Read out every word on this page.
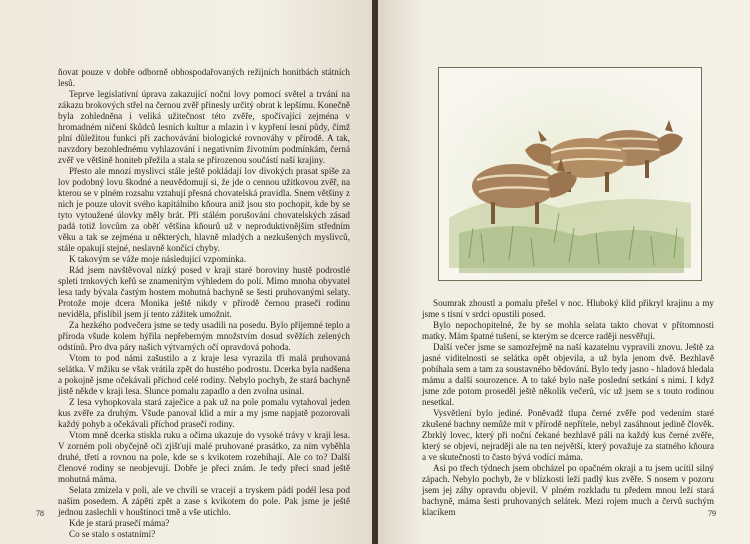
ňovat pouze v dobře odborně obhospodařovaných režijních honitbách státních lesů.

Teprve legislativní úprava zakazující noční lovy pomocí světel a trvání na zákazu brokových střel na černou zvěř přinesly určitý obrat k lepšímu. Konečně byla zohledněna i veliká užitečnost této zvěře, spočívající zejména v hromadném ničení škůdců lesních kultur a mlazin i v kypření lesní půdy, čímž plní důležitou funkci při zachovávání biologické rovnováhy v přírodě. A tak, navzdory bezohlednému vyhlazování i negativním životním podmínkám, černá zvěř ve většině honiteb přežila a stala se přirozenou součástí naší krajiny.

Přesto ale mnozí myslivci stále ještě pokládají lov divokých prasat spíše za lov podobný lovu škodné a neuvědomují si, že jde o cennou užitkovou zvěř, na kterou se v plném rozsahu vztahují přesná chovatelská pravidla. Snem většiny z nich je pouze ulovit svého kapitálního kňoura aniž jsou sto pochopit, kde by se tyto vytoužené úlovky měly brát. Při stálém porušování chovatelských zásad padá totiž lovcům za oběť většina kňourů už v neproduktivnějším středním věku a tak se zejména u některých, hlavně mladých a nezkušených myslivců, stále opakují stejné, neslavně končící chyby.

K takovým se váže moje následující vzpomínka.

Rád jsem navštěvoval nízký posed v kraji staré boroviny hustě podrostlé spletí trnkových keřů se znamenitým výhledem do polí. Mimo mnoha obyvatel lesa tady bývala častým hostem mohutná bachyně se šesti pruhovanými selaty. Protože moje dcera Monika ještě nikdy v přírodě černou prasečí rodinu neviděla, přislíbil jsem jí tento zážitek umožnit.

Za hezkého podvečera jsme se tedy usadili na posedu. Bylo příjemné teplo a příroda všude kolem hýřila nepřeberným množstvím dosud svěžích zelených odstínů. Pro dva páry našich výtvarných očí opravdová pohoda.

Vtom to pod námi zašustilo a z kraje lesa vyrazila tři malá pruhovaná selátka. V mžiku se však vrátila zpět do hustého podrostu. Dcerka byla nadšena a pokojně jsme očekávali příchod celé rodiny. Nebylo pochyb, že stará bachyně jistě někde v kraji lesa. Slunce pomalu zapadlo a den zvolna usínal.

Z lesa vyhopkovala stará zaječice a pak už na pole pomalu vytahoval jeden kus zvěře za druhým. Všude panoval klid a mír a my jsme napjatě pozorovali každý pohyb a očekávali příchod prasečí rodiny.

Vtom mně dcerka stiskla ruku a očima ukazuje do vysoké trávy v kraji lesa. V zorném poli obyčejně oči zjišťují malé pruhované prasátko, za ním vyběhla druhé, třetí a rovnou na pole, kde se s kvikotem rozebíhají. Ale co to? Další členové rodiny se neobjevují. Dobře je přeci znám. Je tedy přeci snad ještě mohutná máma.

Selata zmizela v poli, ale ve chvíli se vracejí a tryskem pádí podél lesa pod naším posedem. A zápětí zpět a zase s kvikotem do pole. Pak jsme je ještě jednou zaslechli v houštinoci tmě a vše utichlo.

Kde je stará prasečí máma?

Co se stalo s ostatními?

78

Soumrak zhoustl a pomalu přešel v noc. Hluboký klid přikryl krajinu a my jsme s tísní v srdci opustili posed.

Bylo nepochopitelné, že by se mohla selata takto chovat v přítomnosti matky. Mám špatné tušení, se kterým se dcerce raději nesvěřuji.

Další večer jsme se samozřejmě na naší kazatelnu vypravili znovu. Ještě za jasné viditelnosti se selátka opět objevila, a už byla jenom dvě. Bezhlavě pobíhala sem a tam za soustavného bědování. Bylo tedy jasno - hladová hledala mámu a další sourozence. A to také bylo naše poslední setkání s nimi. I když jsme zde potom proseděl ještě několik večerů, víc už jsem se s touto rodinou nesetkal.

Vysvětlení bylo jediné. Poněvadž tlupa černé zvěře pod vedením staré zkušené bachny nemůže mít v přírodě nepřítele, nebyl zasáhnout jedině člověk. Zbrklý lovec, který při noční čekané bezhlavě pálí na každý kus černé zvěře, který se objeví, nejraději ale na ten největší, který považuje za statného kňoura a ve skutečnosti to často bývá vodící máma.

Asi po třech týdnech jsem obcházel po opačném okraji a tu jsem ucítil silný zápach. Nebylo pochyb, že v blízkosti leží padlý kus zvěře. S nosem v pozoru jsem jej záhy opravdu objevil. V plném rozkladu tu předem mnou leží stará bachyně, máma šesti pruhovaných selátek. Mezi rojem much a červů suchým klacíkem	79
